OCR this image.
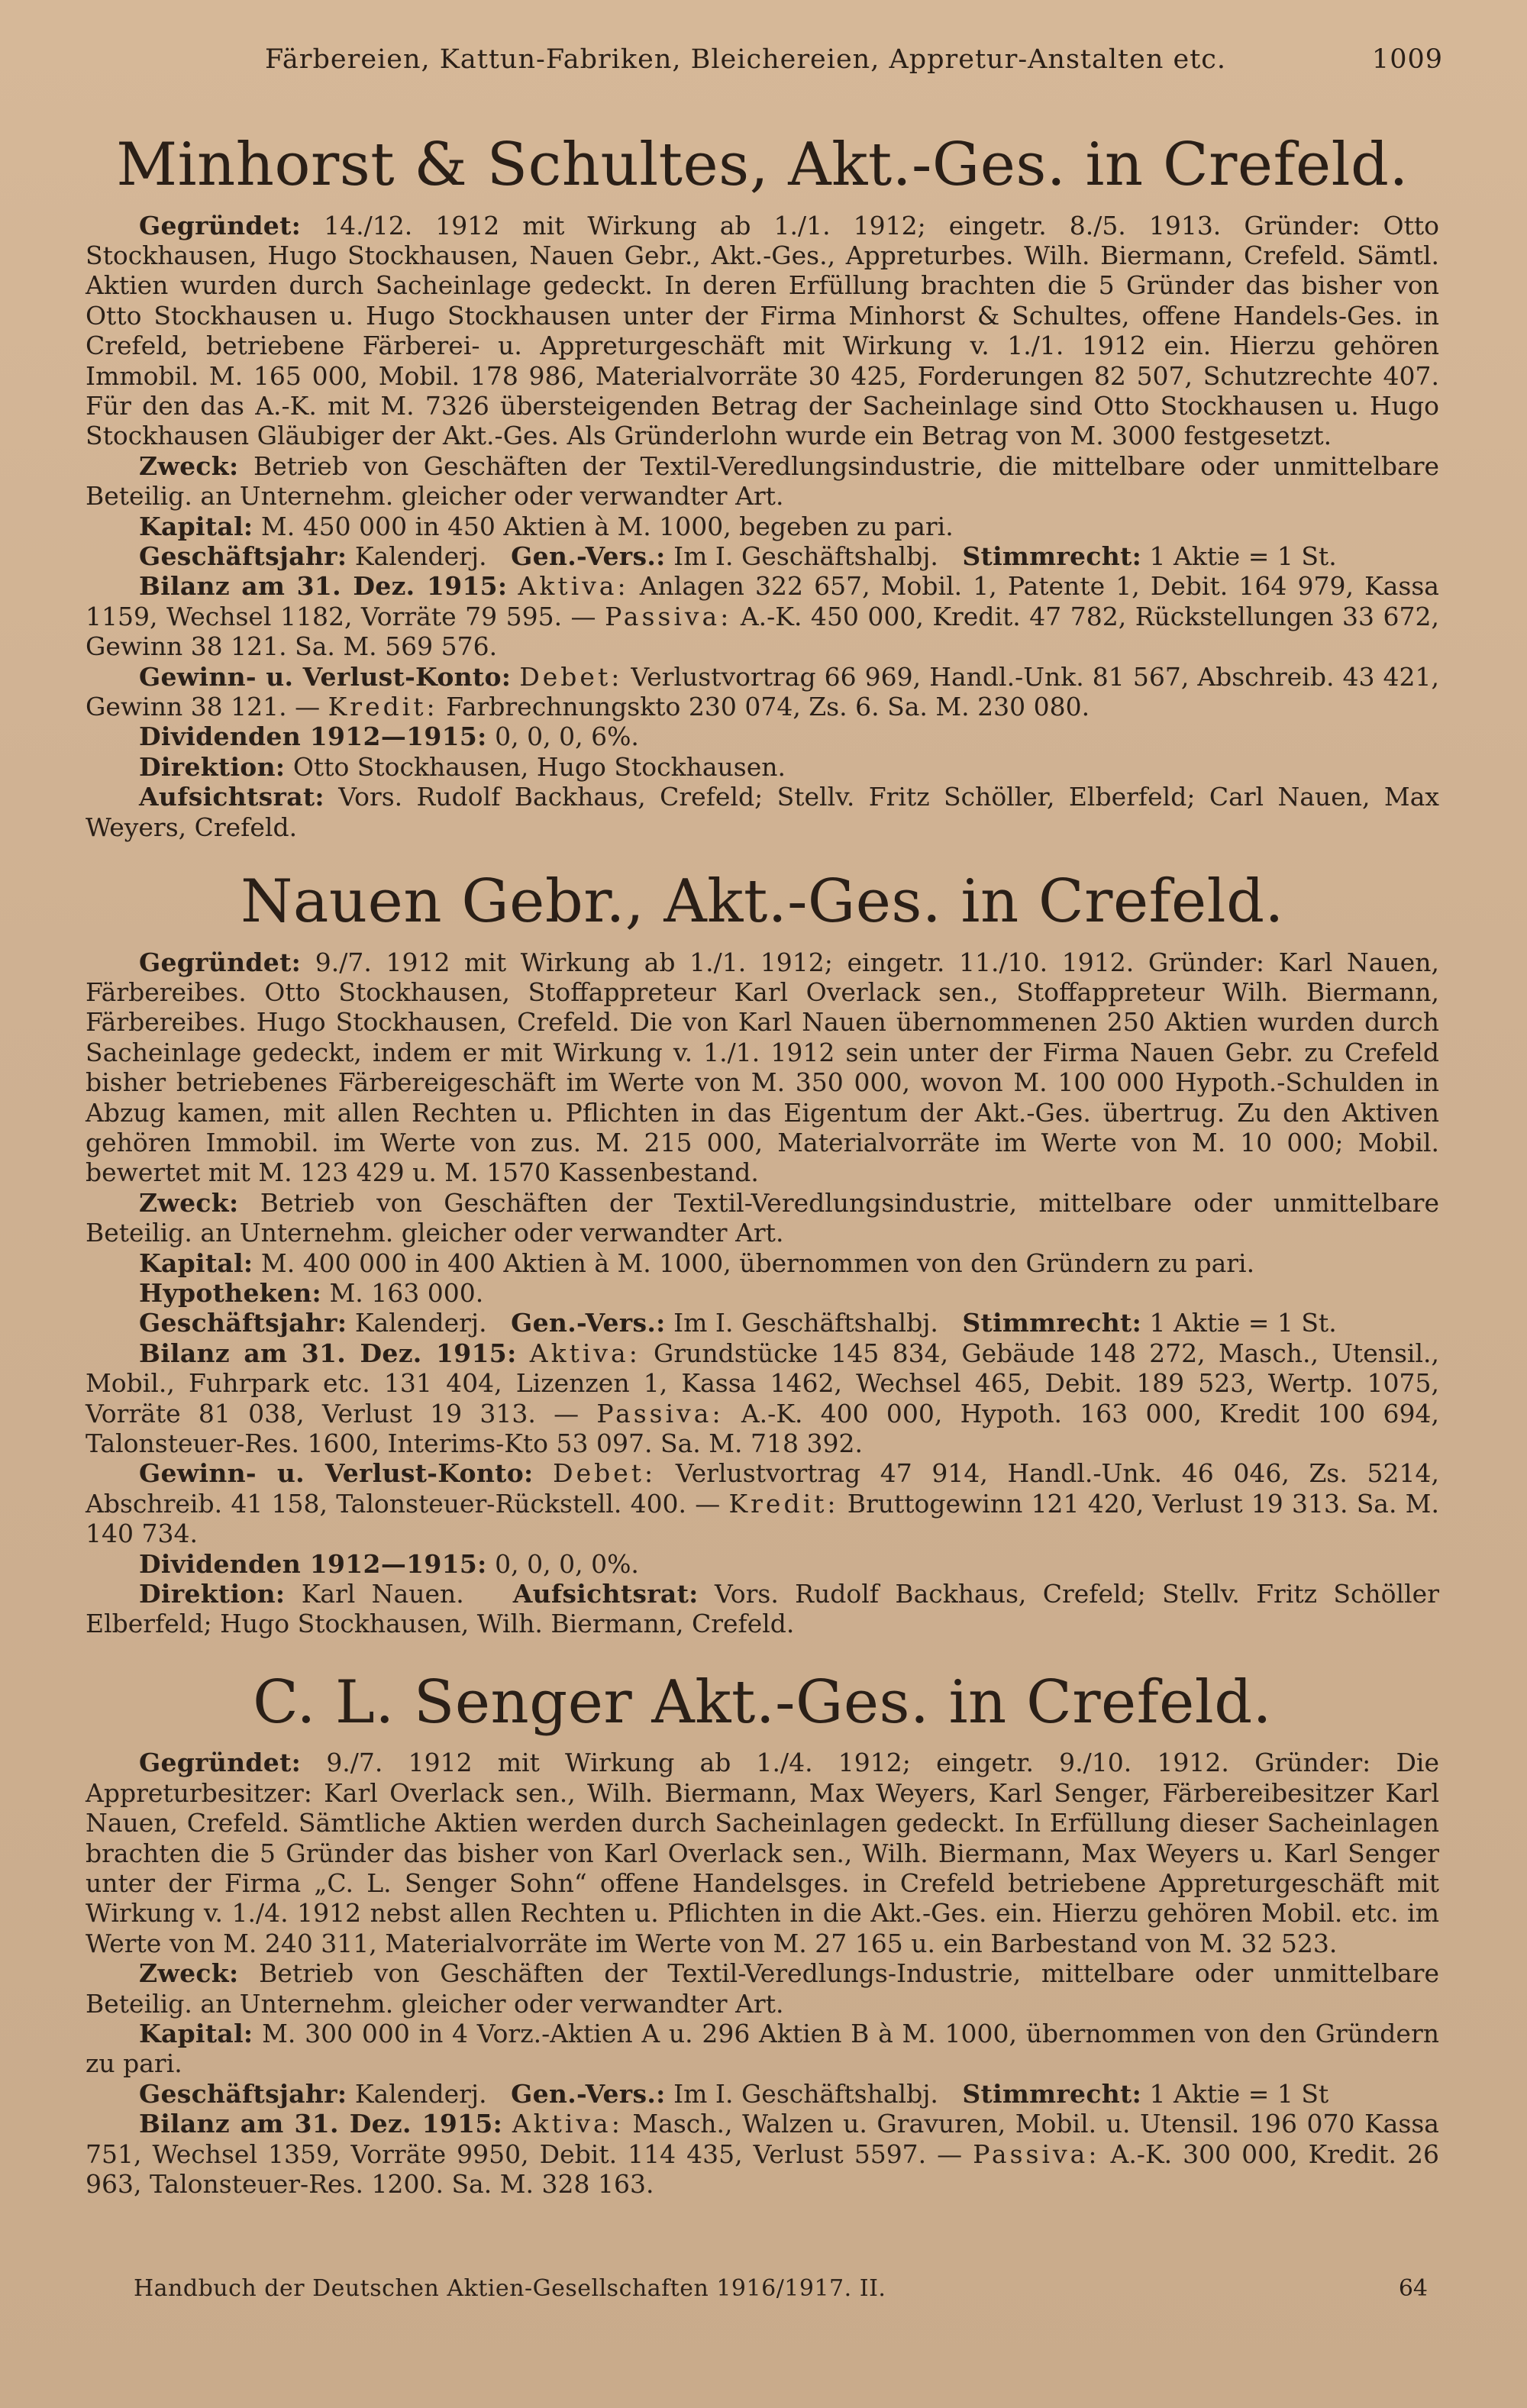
Färbereien, Kattun-Fabriken, Bleichereien, Appretur-Anstalten etc.	1009
Minhorst & Schultes, Akt.-Ges. in Crefeld.

Gegründet: 14./12. 1912 mit Wirkung ab 1./1. 1912; eingetr. 8./5. 1913. Gründer: Otto Stockhausen, Hugo Stockhausen, Nauen Gebr., Akt.-Ges., Appreturbes. Wilh. Biermann, Crefeld. Sämtl. Aktien wurden durch Sacheinlage gedeckt. In deren Erfüllung brachten die 5 Gründer das bisher von Otto Stockhausen u. Hugo Stockhausen unter der Firma Minhorst & Schultes, offene Handels-Ges. in Crefeld, betriebene Färberei- u. Appreturgeschäft mit Wirkung v. 1./1. 1912 ein. Hierzu gehören Immobil. M. 165 000, Mobil. 178 986, Materialvorräte 30 425, Forderungen 82 507, Schutzrechte 407. Für den das A.-K. mit M. 7326 übersteigenden Betrag der Sacheinlage sind Otto Stockhausen u. Hugo Stockhausen Gläubiger der Akt.-Ges. Als Gründerlohn wurde ein Betrag von M. 3000 festgesetzt.

Zweck: Betrieb von Geschäften der Textil-Veredlungsindustrie, die mittelbare oder unmittelbare Beteilig. an Unternehm. gleicher oder verwandter Art.

Kapital: M. 450 000 in 450 Aktien à M. 1000, begeben zu pari.

Geschäftsjahr: Kalenderj. Gen.-Vers.: Im I. Geschäftshalbj. Stimmrecht: 1 Aktie = 1 St.

Bilanz am 31. Dez. 1915: Aktiva: Anlagen 322 657, Mobil. 1, Patente 1, Debit. 164 979, Kassa 1159, Wechsel 1182, Vorräte 79 595. — Passiva: A.-K. 450 000, Kredit. 47 782, Rückstellungen 33 672, Gewinn 38 121. Sa. M. 569 576.

Gewinn- u. Verlust-Konto: Debet: Verlustvortrag 66 969, Handl.-Unk. 81 567, Abschreib. 43 421, Gewinn 38 121. — Kredit: Farbrechnungskto 230 074, Zs. 6. Sa. M. 230 080.

Dividenden 1912—1915: 0, 0, 0, 6%.

Direktion: Otto Stockhausen, Hugo Stockhausen.

Aufsichtsrat: Vors. Rudolf Backhaus, Crefeld; Stellv. Fritz Schöller, Elberfeld; Carl Nauen, Max Weyers, Crefeld.

Nauen Gebr., Akt.-Ges. in Crefeld.

Gegründet: 9./7. 1912 mit Wirkung ab 1./1. 1912; eingetr. 11./10. 1912. Gründer: Karl Nauen, Färbereibes. Otto Stockhausen, Stoffappreteur Karl Overlack sen., Stoffappreteur Wilh. Biermann, Färbereibes. Hugo Stockhausen, Crefeld. Die von Karl Nauen übernommenen 250 Aktien wurden durch Sacheinlage gedeckt, indem er mit Wirkung v. 1./1. 1912 sein unter der Firma Nauen Gebr. zu Crefeld bisher betriebenes Färbereigeschäft im Werte von M. 350 000, wovon M. 100 000 Hypoth.-Schulden in Abzug kamen, mit allen Rechten u. Pflichten in das Eigentum der Akt.-Ges. übertrug. Zu den Aktiven gehören Immobil. im Werte von zus. M. 215 000, Materialvorräte im Werte von M. 10 000; Mobil. bewertet mit M. 123 429 u. M. 1570 Kassenbestand.

Zweck: Betrieb von Geschäften der Textil-Veredlungsindustrie, mittelbare oder unmittelbare Beteilig. an Unternehm. gleicher oder verwandter Art.

Kapital: M. 400 000 in 400 Aktien à M. 1000, übernommen von den Gründern zu pari.

Hypotheken: M. 163 000.

Geschäftsjahr: Kalenderj. Gen.-Vers.: Im I. Geschäftshalbj. Stimmrecht: 1 Aktie = 1 St.

Bilanz am 31. Dez. 1915: Aktiva: Grundstücke 145 834, Gebäude 148 272, Masch., Utensil., Mobil., Fuhrpark etc. 131 404, Lizenzen 1, Kassa 1462, Wechsel 465, Debit. 189 523, Wertp. 1075, Vorräte 81 038, Verlust 19 313. — Passiva: A.-K. 400 000, Hypoth. 163 000, Kredit 100 694, Talonsteuer-Res. 1600, Interims-Kto 53 097. Sa. M. 718 392.

Gewinn- u. Verlust-Konto: Debet: Verlustvortrag 47 914, Handl.-Unk. 46 046, Zs. 5214, Abschreib. 41 158, Talonsteuer-Rückstell. 400. — Kredit: Bruttogewinn 121 420, Verlust 19 313. Sa. M. 140 734.

Dividenden 1912—1915: 0, 0, 0, 0%.

Direktion: Karl Nauen. Aufsichtsrat: Vors. Rudolf Backhaus, Crefeld; Stellv. Fritz Schöller Elberfeld; Hugo Stockhausen, Wilh. Biermann, Crefeld.

C. L. Senger Akt.-Ges. in Crefeld.

Gegründet: 9./7. 1912 mit Wirkung ab 1./4. 1912; eingetr. 9./10. 1912. Gründer: Die Appreturbesitzer: Karl Overlack sen., Wilh. Biermann, Max Weyers, Karl Senger, Färbereibesitzer Karl Nauen, Crefeld. Sämtliche Aktien werden durch Sacheinlagen gedeckt. In Erfüllung dieser Sacheinlagen brachten die 5 Gründer das bisher von Karl Overlack sen., Wilh. Biermann, Max Weyers u. Karl Senger unter der Firma „C. L. Senger Sohn“ offene Handelsges. in Crefeld betriebene Appreturgeschäft mit Wirkung v. 1./4. 1912 nebst allen Rechten u. Pflichten in die Akt.-Ges. ein. Hierzu gehören Mobil. etc. im Werte von M. 240 311, Materialvorräte im Werte von M. 27 165 u. ein Barbestand von M. 32 523.

Zweck: Betrieb von Geschäften der Textil-Veredlungs-Industrie, mittelbare oder unmittelbare Beteilig. an Unternehm. gleicher oder verwandter Art.

Kapital: M. 300 000 in 4 Vorz.-Aktien A u. 296 Aktien B à M. 1000, übernommen von den Gründern zu pari.

Geschäftsjahr: Kalenderj. Gen.-Vers.: Im I. Geschäftshalbj. Stimmrecht: 1 Aktie = 1 St

Bilanz am 31. Dez. 1915: Aktiva: Masch., Walzen u. Gravuren, Mobil. u. Utensil. 196 070 Kassa 751, Wechsel 1359, Vorräte 9950, Debit. 114 435, Verlust 5597. — Passiva: A.-K. 300 000, Kredit. 26 963, Talonsteuer-Res. 1200. Sa. M. 328 163.

Handbuch der Deutschen Aktien-Gesellschaften 1916/1917. II.	64
